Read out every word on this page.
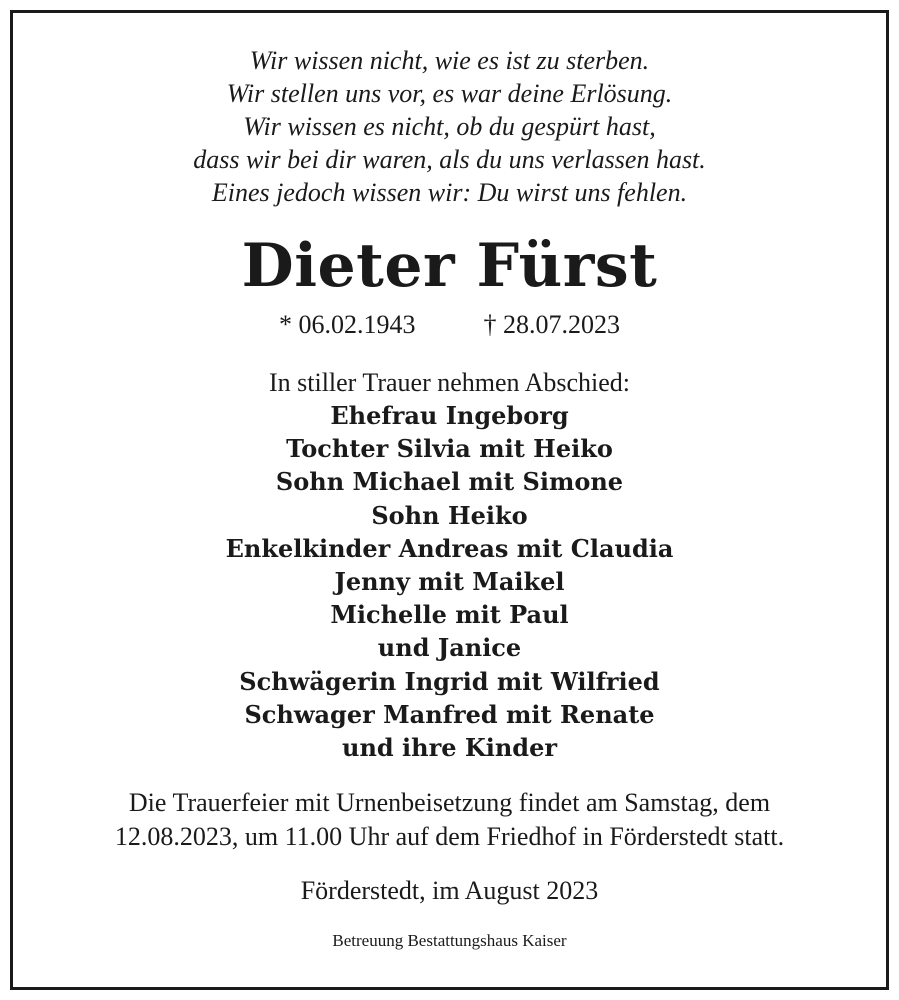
Wir wissen nicht, wie es ist zu sterben.
Wir stellen uns vor, es war deine Erlösung.
Wir wissen es nicht, ob du gespürt hast,
dass wir bei dir waren, als du uns verlassen hast.
Eines jedoch wissen wir: Du wirst uns fehlen.
Dieter Fürst
* 06.02.1943	† 28.07.2023
In stiller Trauer nehmen Abschied:
Ehefrau Ingeborg
Tochter Silvia mit Heiko
Sohn Michael mit Simone
Sohn Heiko
Enkelkinder Andreas mit Claudia
Jenny mit Maikel
Michelle mit Paul
und Janice
Schwägerin Ingrid mit Wilfried
Schwager Manfred mit Renate
und ihre Kinder
Die Trauerfeier mit Urnenbeisetzung findet am Samstag, dem
12.08.2023, um 11.00 Uhr auf dem Friedhof in Förderstedt statt.
Förderstedt, im August 2023
Betreuung Bestattungshaus Kaiser
